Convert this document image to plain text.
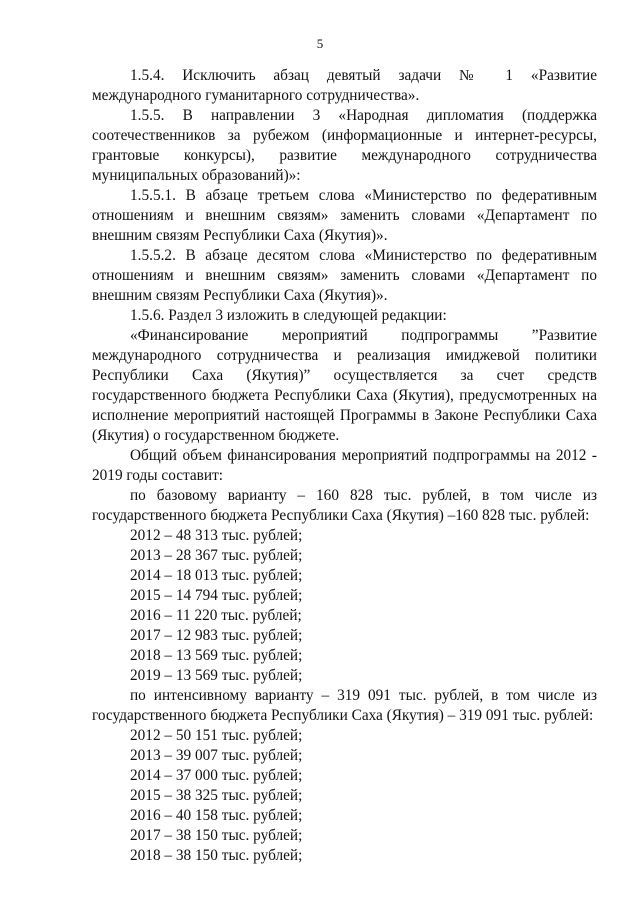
5

1.5.4. Исключить абзац девятый задачи № 1 «Развитие международного гуманитарного сотрудничества».

1.5.5. В направлении 3 «Народная дипломатия (поддержка соотечественников за рубежом (информационные и интернет-ресурсы, грантовые конкурсы), развитие международного сотрудничества муниципальных образований)»:

1.5.5.1. В абзаце третьем слова «Министерство по федеративным отношениям и внешним связям» заменить словами «Департамент по внешним связям Республики Саха (Якутия)».

1.5.5.2. В абзаце десятом слова «Министерство по федеративным отношениям и внешним связям» заменить словами «Департамент по внешним связям Республики Саха (Якутия)».

1.5.6. Раздел 3 изложить в следующей редакции:

«Финансирование мероприятий подпрограммы ”Развитие международного сотрудничества и реализация имиджевой политики Республики Саха (Якутия)” осуществляется за счет средств государственного бюджета Республики Саха (Якутия), предусмотренных на исполнение мероприятий настоящей Программы в Законе Республики Саха (Якутия) о государственном бюджете.

Общий объем финансирования мероприятий подпрограммы на 2012 - 2019 годы составит:

по базовому варианту – 160 828 тыс. рублей, в том числе из государственного бюджета Республики Саха (Якутия) –160 828 тыс. рублей:

2012 – 48 313 тыс. рублей;
2013 – 28 367 тыс. рублей;
2014 – 18 013 тыс. рублей;
2015 – 14 794 тыс. рублей;
2016 – 11 220 тыс. рублей;
2017 – 12 983 тыс. рублей;
2018 – 13 569 тыс. рублей;
2019 – 13 569 тыс. рублей;

по интенсивному варианту – 319 091 тыс. рублей, в том числе из государственного бюджета Республики Саха (Якутия) – 319 091 тыс. рублей:

2012 – 50 151 тыс. рублей;
2013 – 39 007 тыс. рублей;
2014 – 37 000 тыс. рублей;
2015 – 38 325 тыс. рублей;
2016 – 40 158 тыс. рублей;
2017 – 38 150 тыс. рублей;
2018 – 38 150 тыс. рублей;
